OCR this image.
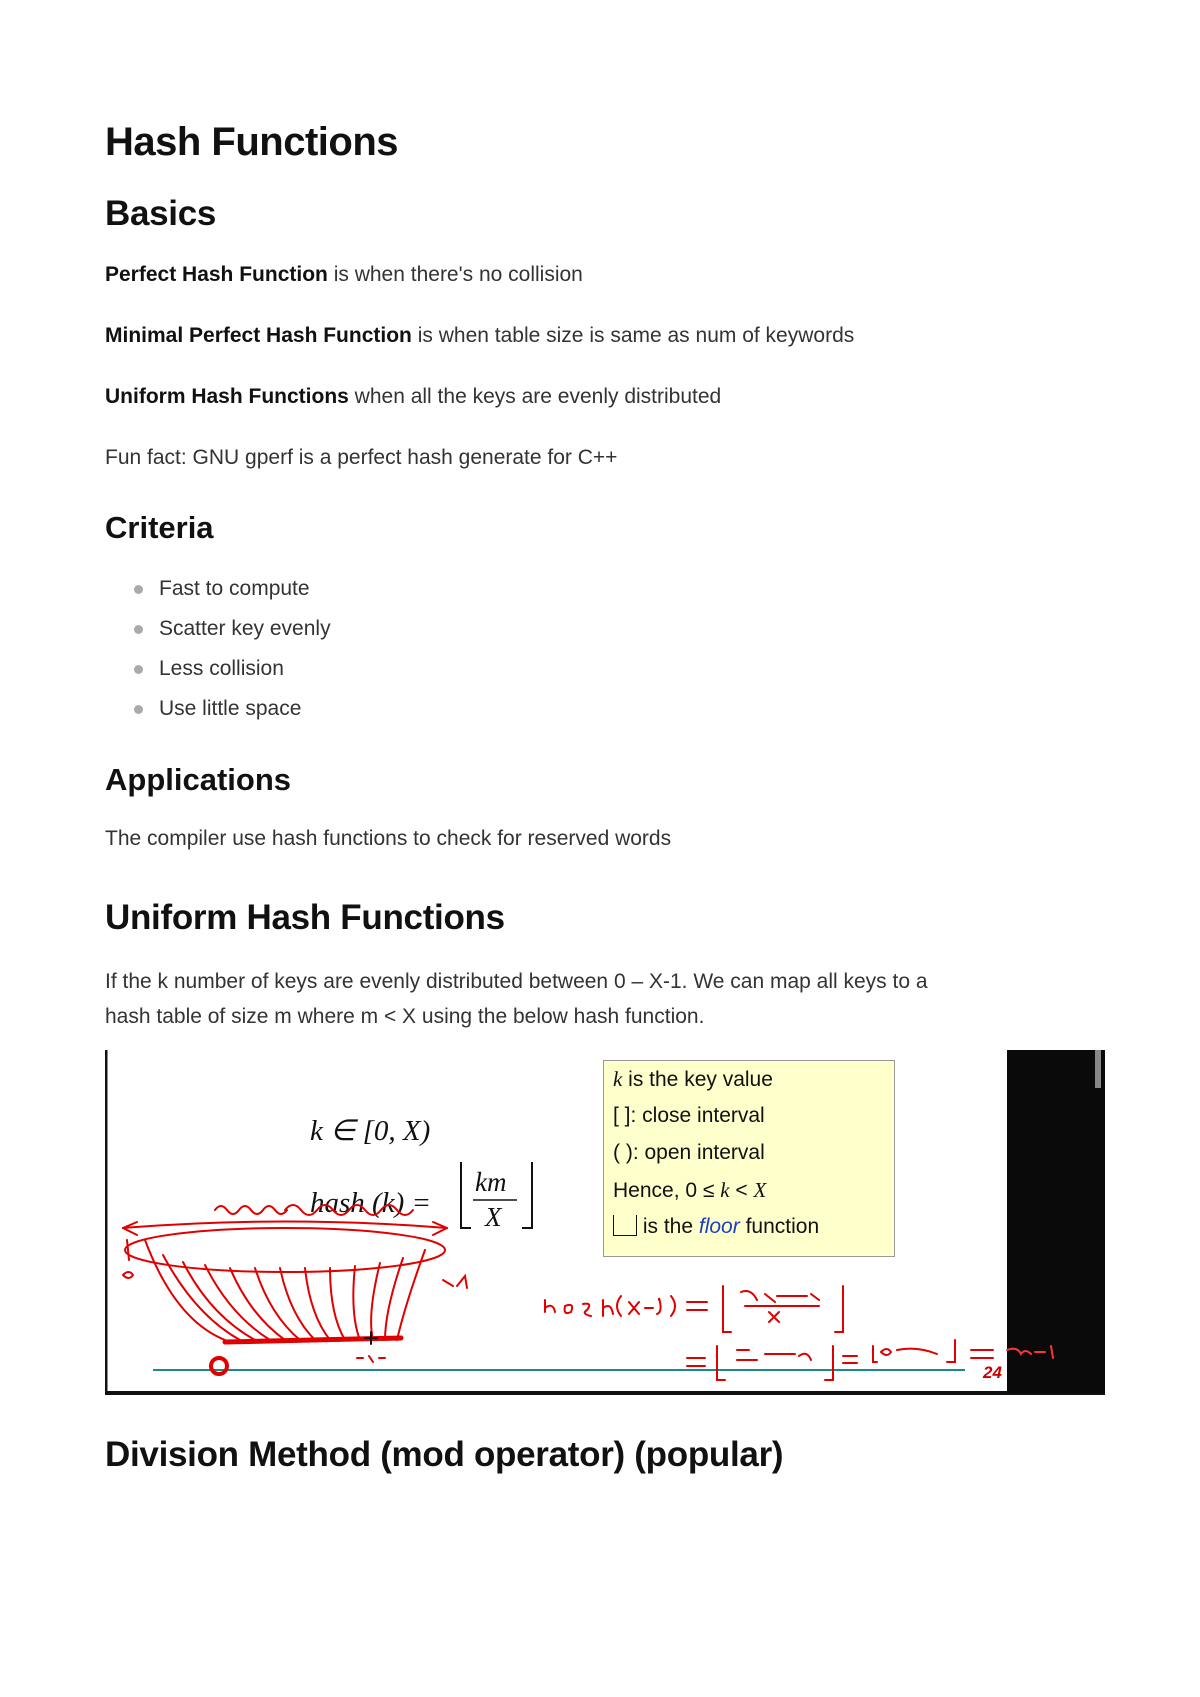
Hash Functions
Basics

Perfect Hash Function is when there's no collision

Minimal Perfect Hash Function is when table size is same as num of keywords

Uniform Hash Functions when all the keys are evenly distributed

Fun fact: GNU gperf is a perfect hash generate for C++

Criteria
Fast to compute
Scatter key evenly
Less collision
Use little space
Applications

The compiler use hash functions to check for reserved words

Uniform Hash Functions

If the k number of keys are evenly distributed between 0 – X-1. We can map all keys to a

hash table of size m where m < X using the below hash function.

k ∈ [0, X)
hash (k) =
km
X
24
k is the key value
[ ]: close interval
( ): open interval
Hence, 0 ≤ k < X
is the floor function
Division Method (mod operator) (popular)
